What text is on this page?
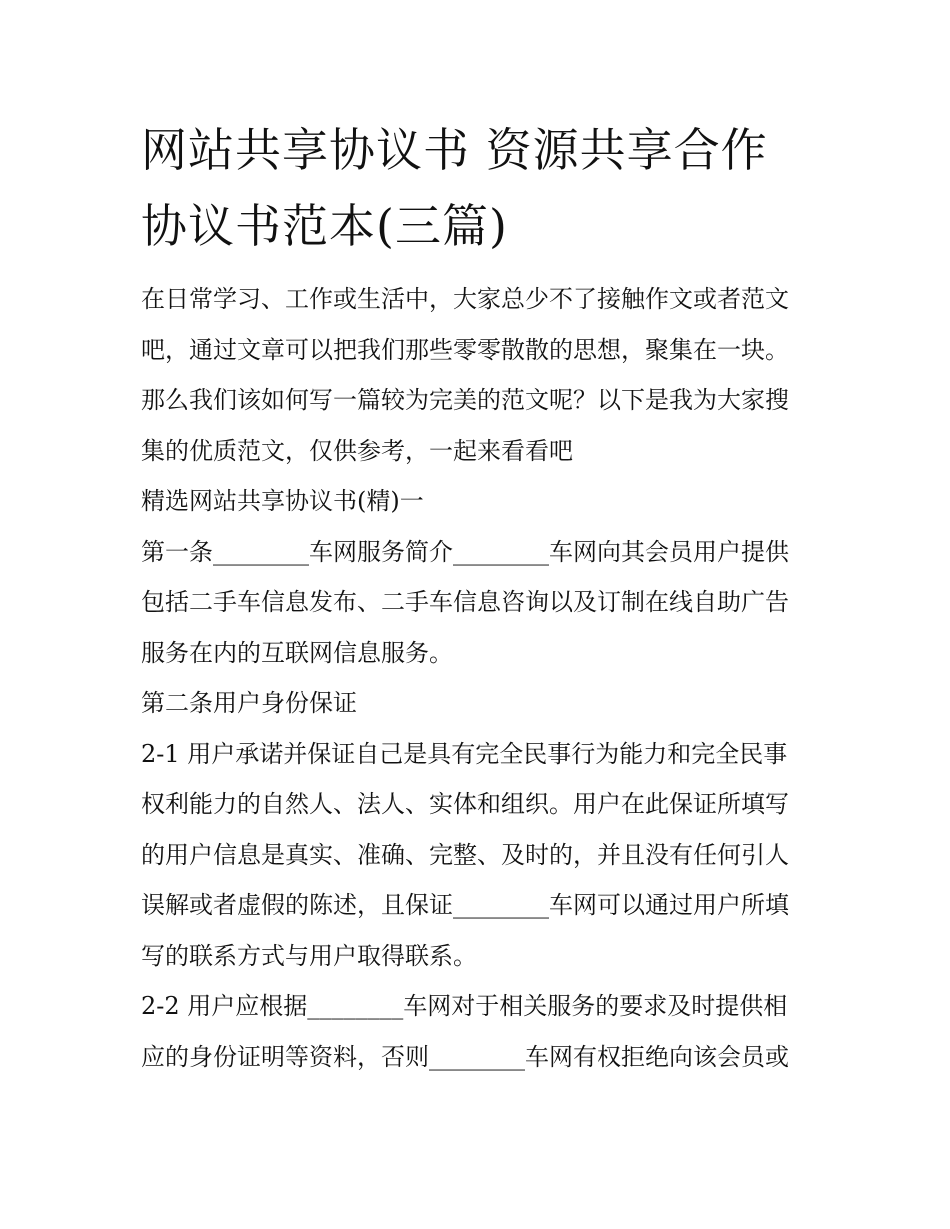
网站共享协议书 资源共享合作
协议书范本(三篇)

在日常学习、工作或生活中，大家总少不了接触作文或者范文

吧，通过文章可以把我们那些零零散散的思想，聚集在一块。

那么我们该如何写一篇较为完美的范文呢？以下是我为大家搜

集的优质范文，仅供参考，一起来看看吧

精选网站共享协议书(精)一

第一条________车网服务简介________车网向其会员用户提供

包括二手车信息发布、二手车信息咨询以及订制在线自助广告

服务在内的互联网信息服务。

第二条用户身份保证

2-1 用户承诺并保证自己是具有完全民事行为能力和完全民事

权利能力的自然人、法人、实体和组织。用户在此保证所填写

的用户信息是真实、准确、完整、及时的，并且没有任何引人

误解或者虚假的陈述，且保证________车网可以通过用户所填

写的联系方式与用户取得联系。

2-2 用户应根据________车网对于相关服务的要求及时提供相

应的身份证明等资料，否则________车网有权拒绝向该会员或
